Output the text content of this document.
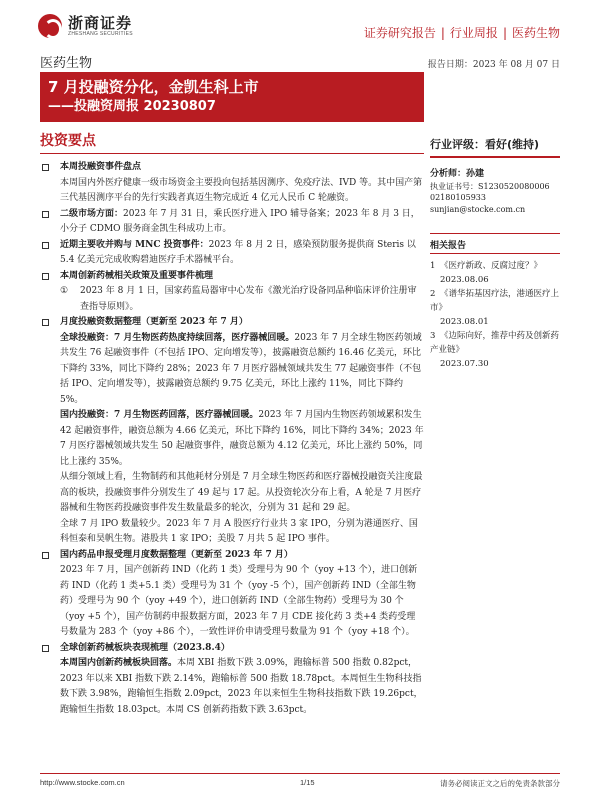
浙商证券
ZHESHANG SECURITIES	证券研究报告 | 行业周报 | 医药生物
医药生物	报告日期：2023 年 08 月 07 日
7 月投融资分化，金凯生科上市
——投融资周报 20230807
投资要点
本周投融资事件盘点
本周国内外医疗健康一级市场资金主要投向包括基因测序、免疫疗法、IVD 等。其中国产第三代基因测序平台的先行实践者真迈生物完成近 4 亿元人民币 C 轮融资。
二级市场方面：2023 年 7 月 31 日，乘氏医疗进入 IPO 辅导备案；2023 年 8 月 3 日，小分子 CDMO 服务商金凯生科成功上市。
近期主要收并购与 MNC 投资事件：2023 年 8 月 2 日，感染预防服务提供商 Steris 以 5.4 亿美元完成收购碧迪医疗手术器械平台。
本周创新药械相关政策及重要事件梳理
① 2023 年 8 月 1 日，国家药监局器审中心发布《激光治疗设备同品种临床评价注册审查指导原则》。
月度投融资数据整理（更新至 2023 年 7 月）
全球投融资：7 月生物医药热度持续回落，医疗器械回暖。2023 年 7 月全球生物医药领域共发生 76 起融资事件（不包括 IPO、定向增发等），披露融资总额约 16.46 亿美元，环比下降约 33%，同比下降约 28%；2023 年 7 月医疗器械领域共发生 77 起融资事件（不包括 IPO、定向增发等），披露融资总额约 9.75 亿美元，环比上涨约 11%，同比下降约 5%。
国内投融资：7 月生物医药回落，医疗器械回暖。2023 年 7 月国内生物医药领域累积发生 42 起融资事件，融资总额为 4.66 亿美元，环比下降约 16%，同比下降约 34%；2023 年 7 月医疗器械领域共发生 50 起融资事件，融资总额为 4.12 亿美元，环比上涨约 50%，同比上涨约 35%。
从细分领域上看，生物制药和其他耗材分别是 7 月全球生物医药和医疗器械投融资关注度最高的板块，投融资事件分别发生了 49 起与 17 起。从投资轮次分布上看，A 轮是 7 月医疗器械和生物医药投融资事件发生数量最多的轮次，分别为 31 起和 29 起。
全球 7 月 IPO 数量较少。2023 年 7 月 A 股医疗行业共 3 家 IPO，分别为港通医疗、国科恒泰和昊帆生物。港股共 1 家 IPO；美股 7 月共 5 起 IPO 事件。
国内药品申报受理月度数据整理（更新至 2023 年 7 月）
2023 年 7 月，国产创新药 IND（化药 1 类）受理号为 90 个（yoy +13 个），进口创新药 IND（化药 1 类+5.1 类）受理号为 31 个（yoy -5 个），国产创新药 IND（全部生物药）受理号为 90 个（yoy +49 个），进口创新药 IND（全部生物药）受理号为 30 个（yoy +5 个），国产仿制药申报数据方面，2023 年 7 月 CDE 接化药 3 类+4 类药受理号数量为 283 个（yoy +86 个），一致性评价申请受理号数量为 91 个（yoy +18 个）。
全球创新药械板块表现梳理（2023.8.4）
本周国内创新药械板块回落。本周 XBI 指数下跌 3.09%，跑输标普 500 指数 0.82pct，2023 年以来 XBI 指数下跌 2.14%，跑输标普 500 指数 18.78pct。本周恒生生物科技指数下跌 3.98%，跑输恒生指数 2.09pct，2023 年以来恒生生物科技指数下跌 19.26pct，跑输恒生指数 18.03pct。本周 CS 创新药指数下跌 3.63pct。
行业评级：看好(维持)
分析师：孙建
执业证书号：S1230520080006
02180105933
sunjian@stocke.com.cn
相关报告
1 《医疗新政、反腐过度？》
2023.08.06
2 《谱华拓基因疗法，港通医疗上市》
2023.08.01
3 《边际向好，推荐中药及创新药产业链》
2023.07.30
http://www.stocke.com.cn	1/15	请务必阅读正文之后的免责条款部分
